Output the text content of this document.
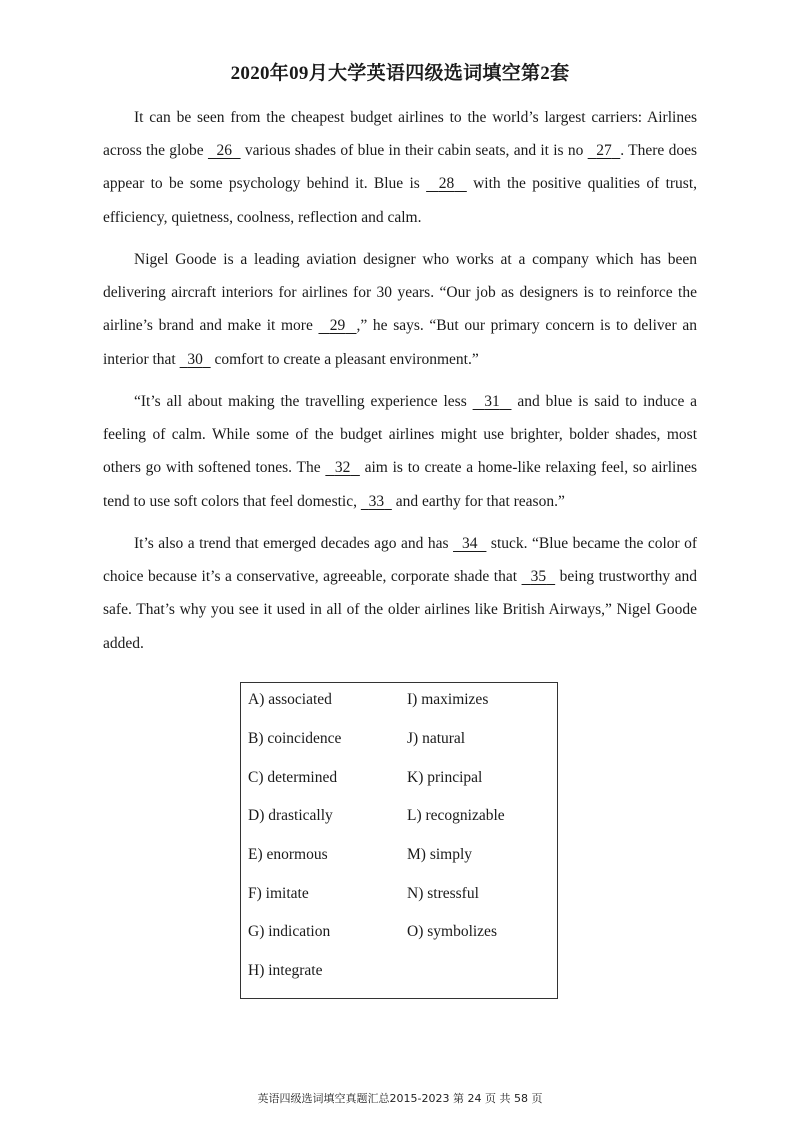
2020年09月大学英语四级选词填空第2套

It can be seen from the cheapest budget airlines to the world’s largest carriers: Airlines across the globe 26 various shades of blue in their cabin seats, and it is no 27 . There does appear to be some psychology behind it. Blue is 28 with the positive qualities of trust, efficiency, quietness, coolness, reflection and calm.

Nigel Goode is a leading aviation designer who works at a company which has been delivering aircraft interiors for airlines for 30 years. “Our job as designers is to reinforce the airline’s brand and make it more 29 ,” he says. “But our primary concern is to deliver an interior that 30 comfort to create a pleasant environment.”

“It’s all about making the travelling experience less 31 and blue is said to induce a feeling of calm. While some of the budget airlines might use brighter, bolder shades, most others go with softened tones. The 32 aim is to create a home-like relaxing feel, so airlines tend to use soft colors that feel domestic, 33 and earthy for that reason.”

It’s also a trend that emerged decades ago and has 34 stuck. “Blue became the color of choice because it’s a conservative, agreeable, corporate shade that 35 being trustworthy and safe. That’s why you see it used in all of the older airlines like British Airways,” Nigel Goode added.

A) associated
B) coincidence
C) determined
D) drastically
E) enormous
F) imitate
G) indication
H) integrate
I) maximizes
J) natural
K) principal
L) recognizable
M) simply
N) stressful
O) symbolizes
英语四级选词填空真题汇总2015-2023 第 24 页 共 58 页
